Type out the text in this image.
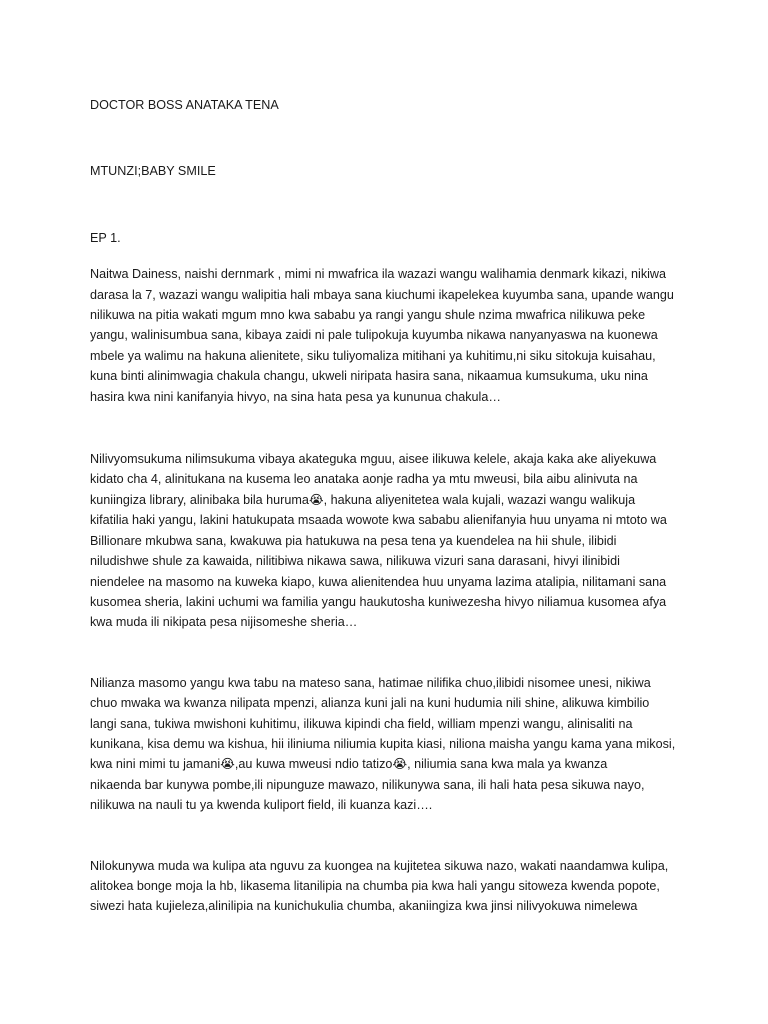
DOCTOR BOSS ANATAKA TENA
MTUNZI;BABY SMILE
EP 1.
Naitwa Dainess, naishi dernmark , mimi ni mwafrica ila wazazi wangu walihamia denmark kikazi, nikiwa
darasa la 7, wazazi wangu walipitia hali mbaya sana kiuchumi ikapelekea kuyumba sana, upande wangu
nilikuwa na pitia wakati mgum mno kwa sababu ya rangi yangu shule nzima mwafrica nilikuwa peke
yangu, walinisumbua sana, kibaya zaidi ni pale tulipokuja kuyumba nikawa nanyanyaswa na kuonewa
mbele ya walimu na hakuna alienitete, siku tuliyomaliza mitihani ya kuhitimu,ni siku sitokuja kuisahau,
kuna binti alinimwagia chakula changu, ukweli niripata hasira sana, nikaamua kumsukuma, uku nina
hasira kwa nini kanifanyia hivyo, na sina hata pesa ya kununua chakula…
Nilivyomsukuma nilimsukuma vibaya akateguka mguu, aisee ilikuwa kelele, akaja kaka ake aliyekuwa
kidato cha 4, alinitukana na kusema leo anataka aonje radha ya mtu mweusi, bila aibu alinivuta na
kuniingiza library, alinibaka bila huruma😭, hakuna aliyenitetea wala kujali, wazazi wangu walikuja
kifatilia haki yangu, lakini hatukupata msaada wowote kwa sababu alienifanyia huu unyama ni mtoto wa
Billionare mkubwa sana, kwakuwa pia hatukuwa na pesa tena ya kuendelea na hii shule, ilibidi
niludishwe shule za kawaida, nilitibiwa nikawa sawa, nilikuwa vizuri sana darasani, hivyi ilinibidi
niendelee na masomo na kuweka kiapo, kuwa alienitendea huu unyama lazima atalipia, nilitamani sana
kusomea sheria, lakini uchumi wa familia yangu haukutosha kuniwezesha hivyo niliamua kusomea afya
kwa muda ili nikipata pesa nijisomeshe sheria…
Nilianza masomo yangu kwa tabu na mateso sana, hatimae nilifika chuo,ilibidi nisomee unesi, nikiwa
chuo mwaka wa kwanza nilipata mpenzi, alianza kuni jali na kuni hudumia nili shine, alikuwa kimbilio
langi sana, tukiwa mwishoni kuhitimu, ilikuwa kipindi cha field, william mpenzi wangu, alinisaliti na
kunikana, kisa demu wa kishua, hii iliniuma niliumia kupita kiasi, niliona maisha yangu kama yana mikosi,
kwa nini mimi tu jamani😭,au kuwa mweusi ndio tatizo😭, niliumia sana kwa mala ya kwanza
nikaenda bar kunywa pombe,ili nipunguze mawazo, nilikunywa sana, ili hali hata pesa sikuwa nayo,
nilikuwa na nauli tu ya kwenda kuliport field, ili kuanza kazi….
Nilokunywa muda wa kulipa ata nguvu za kuongea na kujitetea sikuwa nazo, wakati naandamwa kulipa,
alitokea bonge moja la hb, likasema litanilipia na chumba pia kwa hali yangu sitoweza kwenda popote,
siwezi hata kujieleza,alinilipia na kunichukulia chumba, akaniingiza kwa jinsi nilivyokuwa nimelewa
